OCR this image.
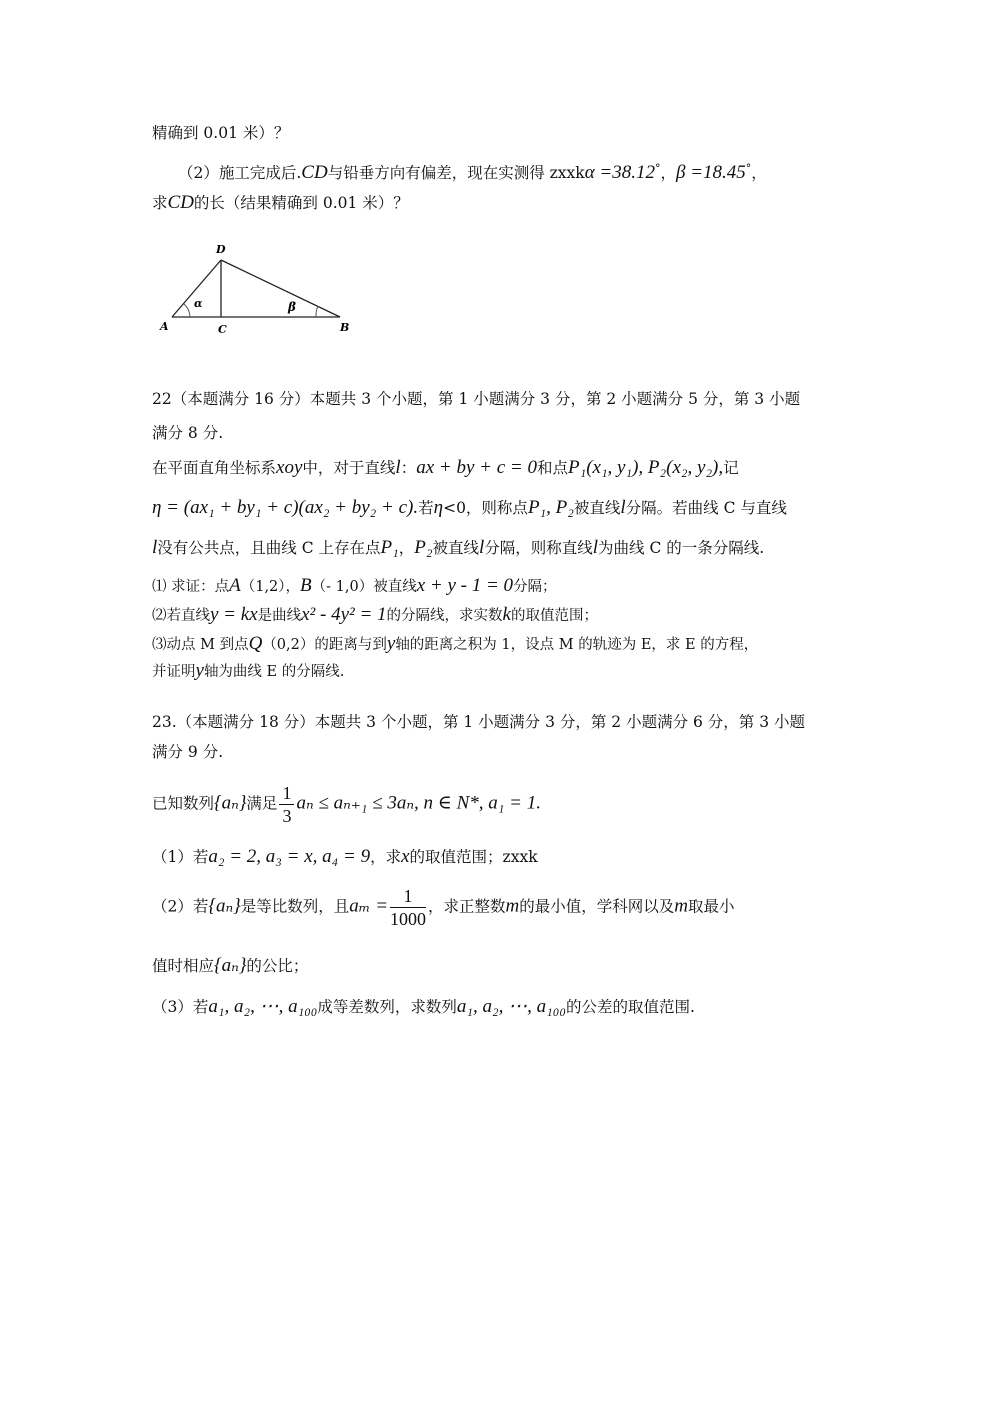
精确到 0.01 米）？
（2）施工完成后.CD与铅垂方向有偏差，现在实测得 zxxkα =38.12°，β =18.45°，
求CD的长（结果精确到 0.01 米）？
D
A	C	B
α	β
22（本题满分 16 分）本题共 3 个小题，第 1 小题满分 3 分，第 2 小题满分 5 分，第 3 小题
满分 8 分.
在平面直角坐标系xoy中，对于直线l：ax + by + c = 0和点P₁(x₁, y₁), P₂(x₂, y₂),记
η = (ax₁ + by₁ + c)(ax₂ + by₂ + c).若η<0，则称点P₁, P₂被直线l分隔。若曲线 C 与直线
l没有公共点，且曲线 C 上存在点P₁，P₂被直线l分隔，则称直线l为曲线 C 的一条分隔线.
⑴ 求证：点A（1,2），B（- 1,0）被直线x + y - 1 = 0分隔；
⑵若直线y = kx是曲线x² - 4y² = 1的分隔线，求实数k的取值范围；
⑶动点 M 到点Q（0,2）的距离与到y轴的距离之积为 1，设点 M 的轨迹为 E，求 E 的方程，
并证明y轴为曲线 E 的分隔线.
23.（本题满分 18 分）本题共 3 个小题，第 1 小题满分 3 分，第 2 小题满分 6 分，第 3 小题
满分 9 分.
已知数列{aₙ}满足 $\frac{1}{3}$ aₙ ≤ aₙ₊₁ ≤ 3aₙ, n ∈ N*, a₁ = 1.
（1）若a₂ = 2, a₃ = x, a₄ = 9，求x的取值范围；zxxk
（2）若{aₙ}是等比数列，且$a_m = \frac{1}{1000}$ ，求正整数m的最小值，学科网以及m取最小
值时相应{aₙ}的公比；
（3）若a₁, a₂, ⋯, a₁₀₀成等差数列，求数列a₁, a₂, ⋯, a₁₀₀的公差的取值范围.
